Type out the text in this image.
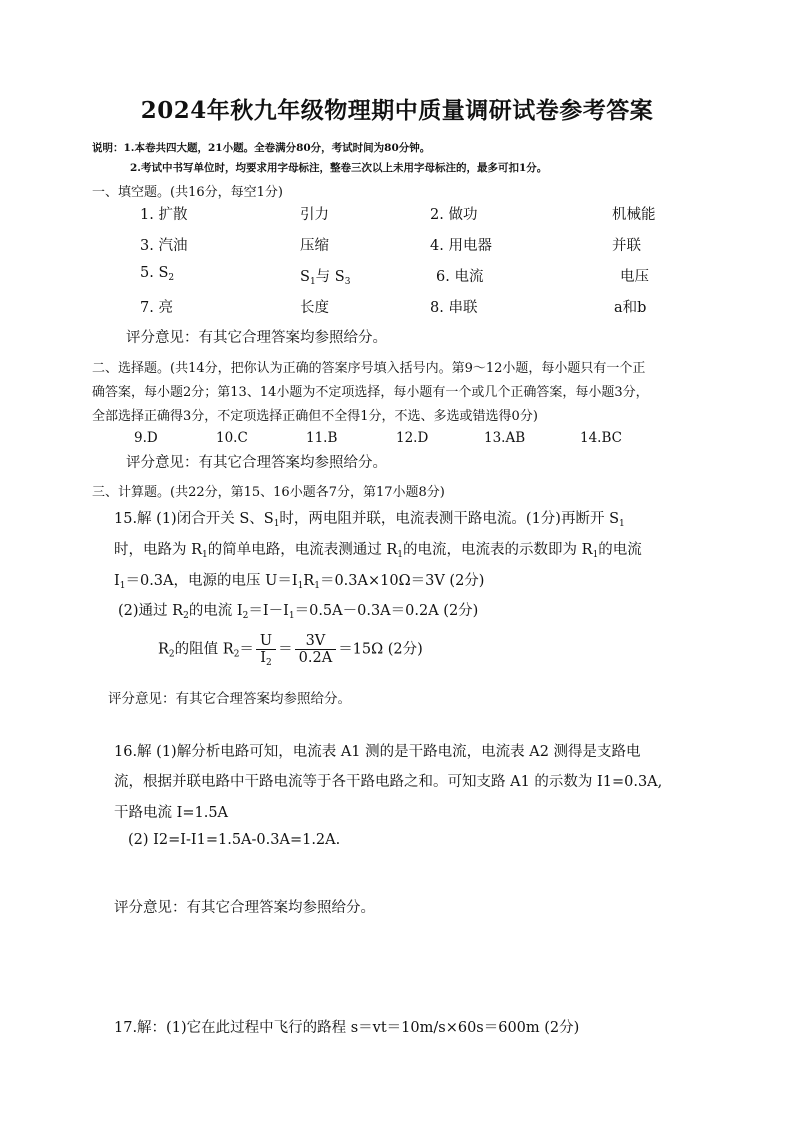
2024年秋九年级物理期中质量调研试卷参考答案
说明：1.本卷共四大题，21小题。全卷满分80分，考试时间为80分钟。
2.考试中书写单位时，均要求用字母标注，整卷三次以上未用字母标注的，最多可扣1分。
一、填空题。(共16分，每空1分)
1. 扩散	引力	2. 做功	机械能
3. 汽油	压缩	4. 用电器	并联
5. $S_2$	$S_1$与 $S_3$	6. 电流	电压
7. 亮	长度	8. 串联	a和b
评分意见：有其它合理答案均参照给分。
二、选择题。(共14分，把你认为正确的答案序号填入括号内。第9～12小题，每小题只有一个正
确答案，每小题2分；第13、14小题为不定项选择，每小题有一个或几个正确答案，每小题3分，
全部选择正确得3分，不定项选择正确但不全得1分，不选、多选或错选得0分)
9.D	10.C	11.B	12.D	13.AB	14.BC
评分意见：有其它合理答案均参照给分。
三、计算题。(共22分，第15、16小题各7分，第17小题8分)
15.解 (1)闭合开关 S、$S_1$时，两电阻并联，电流表测干路电流。(1分)再断开 $S_1$
时，电路为 $R_1$的简单电路，电流表测通过 $R_1$的电流，电流表的示数即为 $R_1$的电流
$I_1=0.3A$，电源的电压 $U=I_1R_1=0.3A\times 10\Omega=3V$ (2分)
(2)通过 $R_2$的电流 $I_2=I-I_1=0.5A-0.3A=0.2A$ (2分)
$R_2$的阻值 $R_2= \frac{U}{I_2} = \frac{3V}{0.2A} =15\Omega$ (2分)
评分意见：有其它合理答案均参照给分。
16.解 (1)解分析电路可知，电流表 A1 测的是干路电流，电流表 A2 测得是支路电
流，根据并联电路中干路电流等于各干路电路之和。可知支路 A1 的示数为 I1=0.3A,
干路电流 I=1.5A
(2) I2=I-I1=1.5A-0.3A=1.2A.
评分意见：有其它合理答案均参照给分。
17.解：(1)它在此过程中飞行的路程 s＝vt＝10m/s×60s＝600m (2分)
